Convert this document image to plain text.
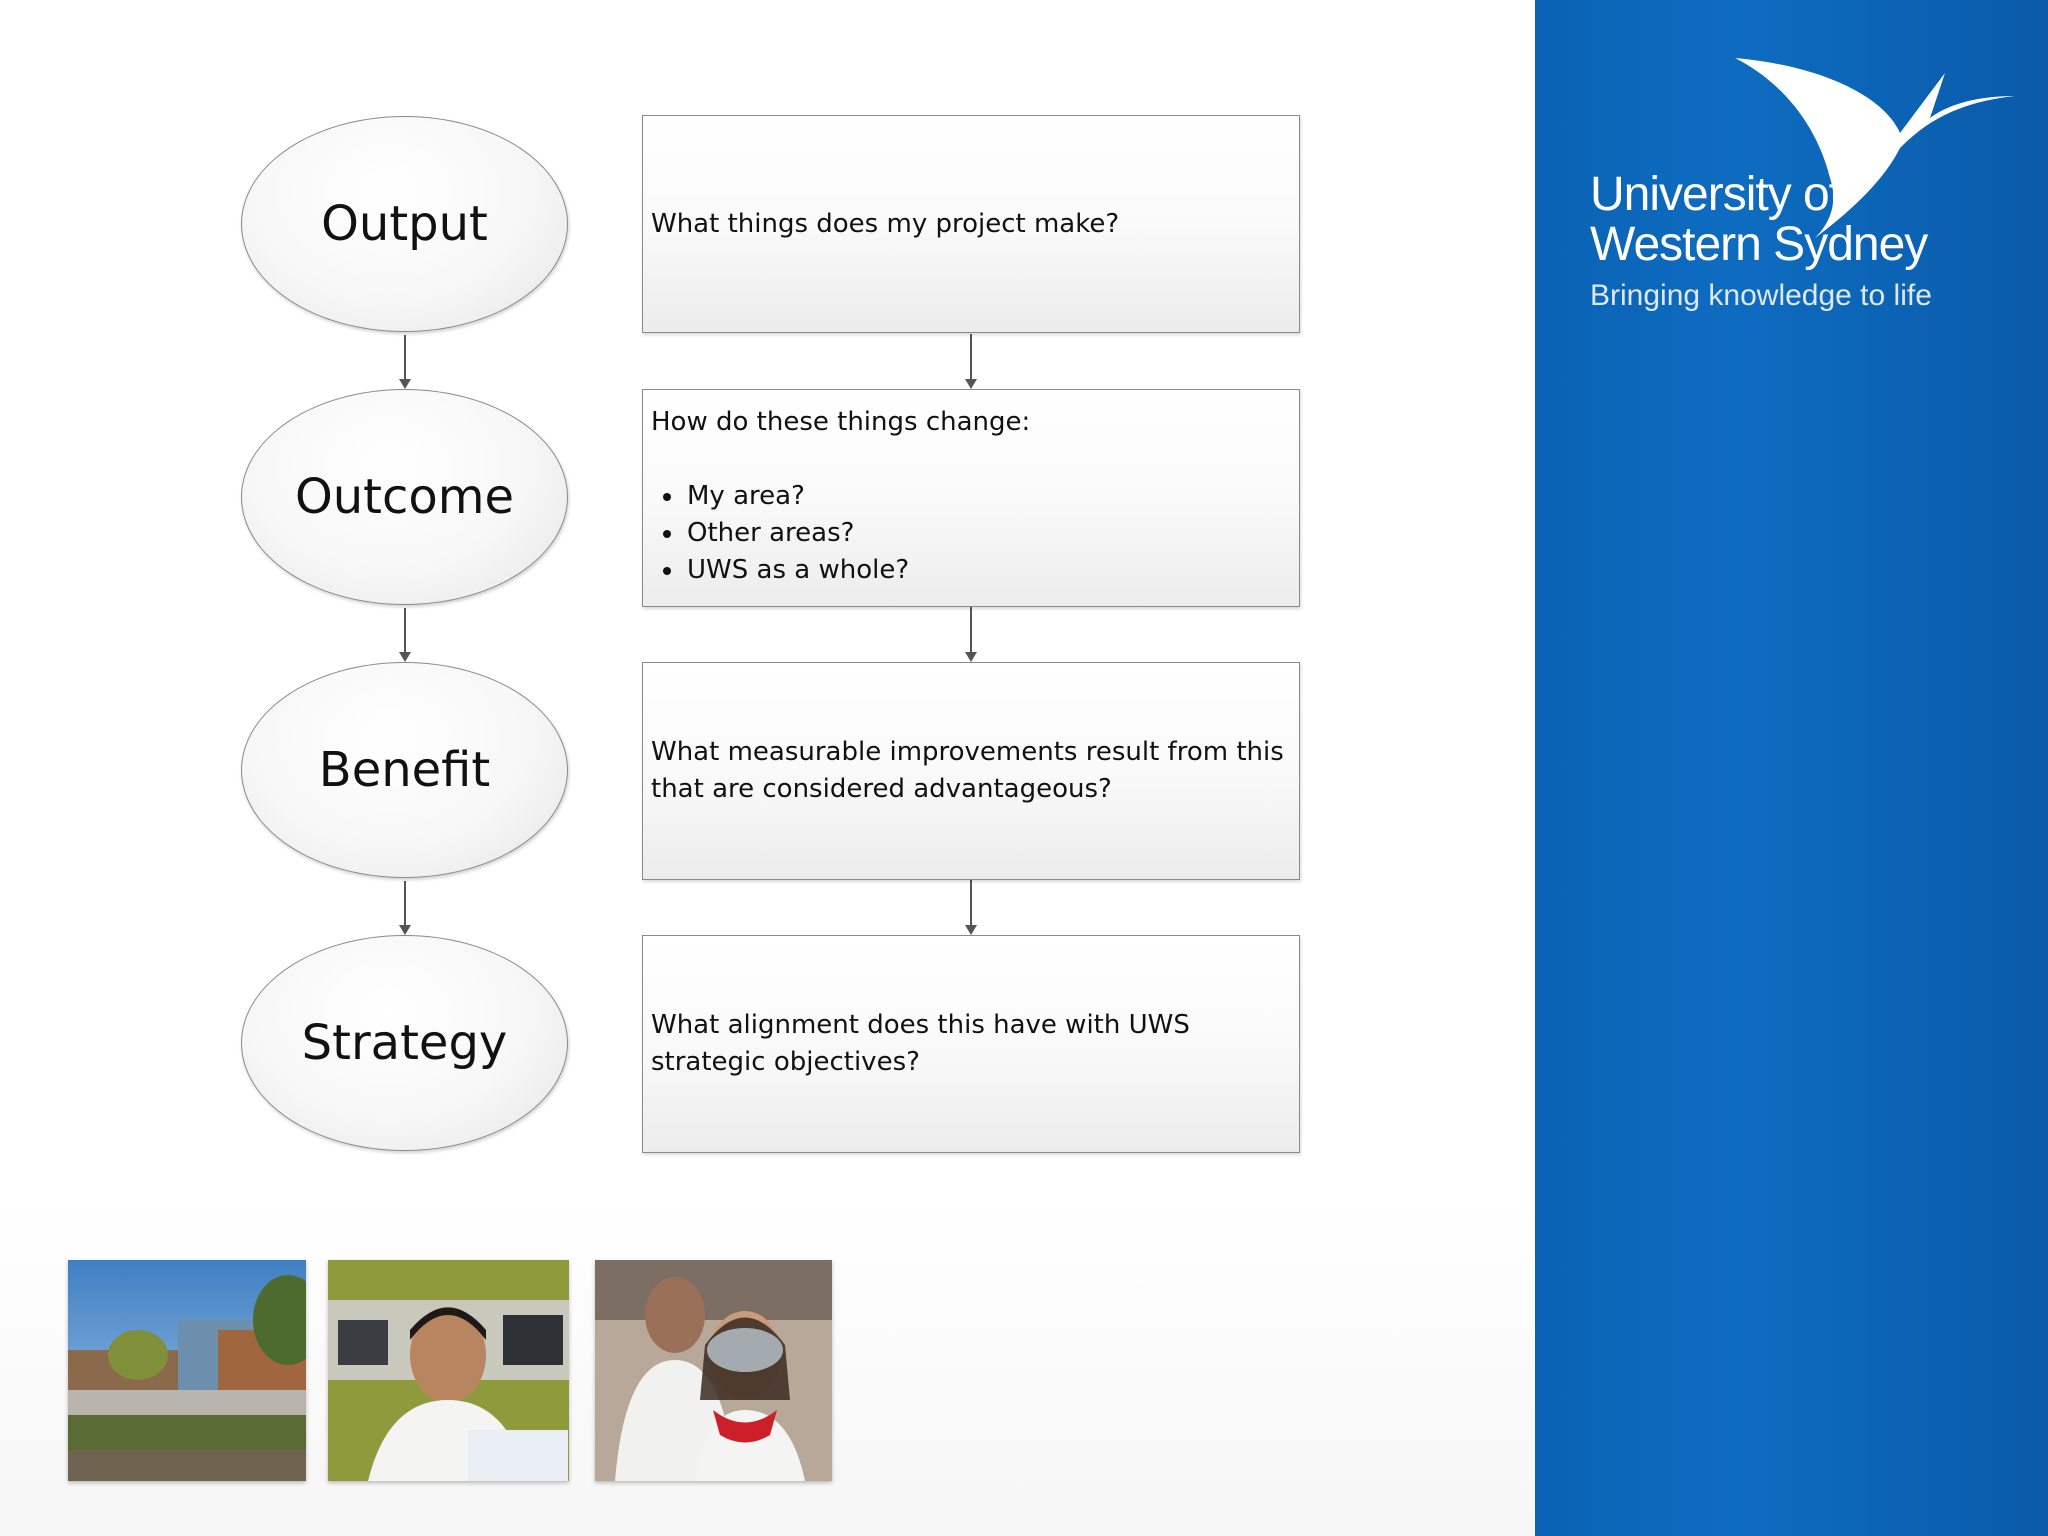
Output
Outcome
Benefit
Strategy

What things does my project make?

How do these things change:

• My area?
• Other areas?
• UWS as a whole?

What measurable improvements result from this that are considered advantageous?

What alignment does this have with UWS strategic objectives?

University of
Western Sydney
Bringing knowledge to life
